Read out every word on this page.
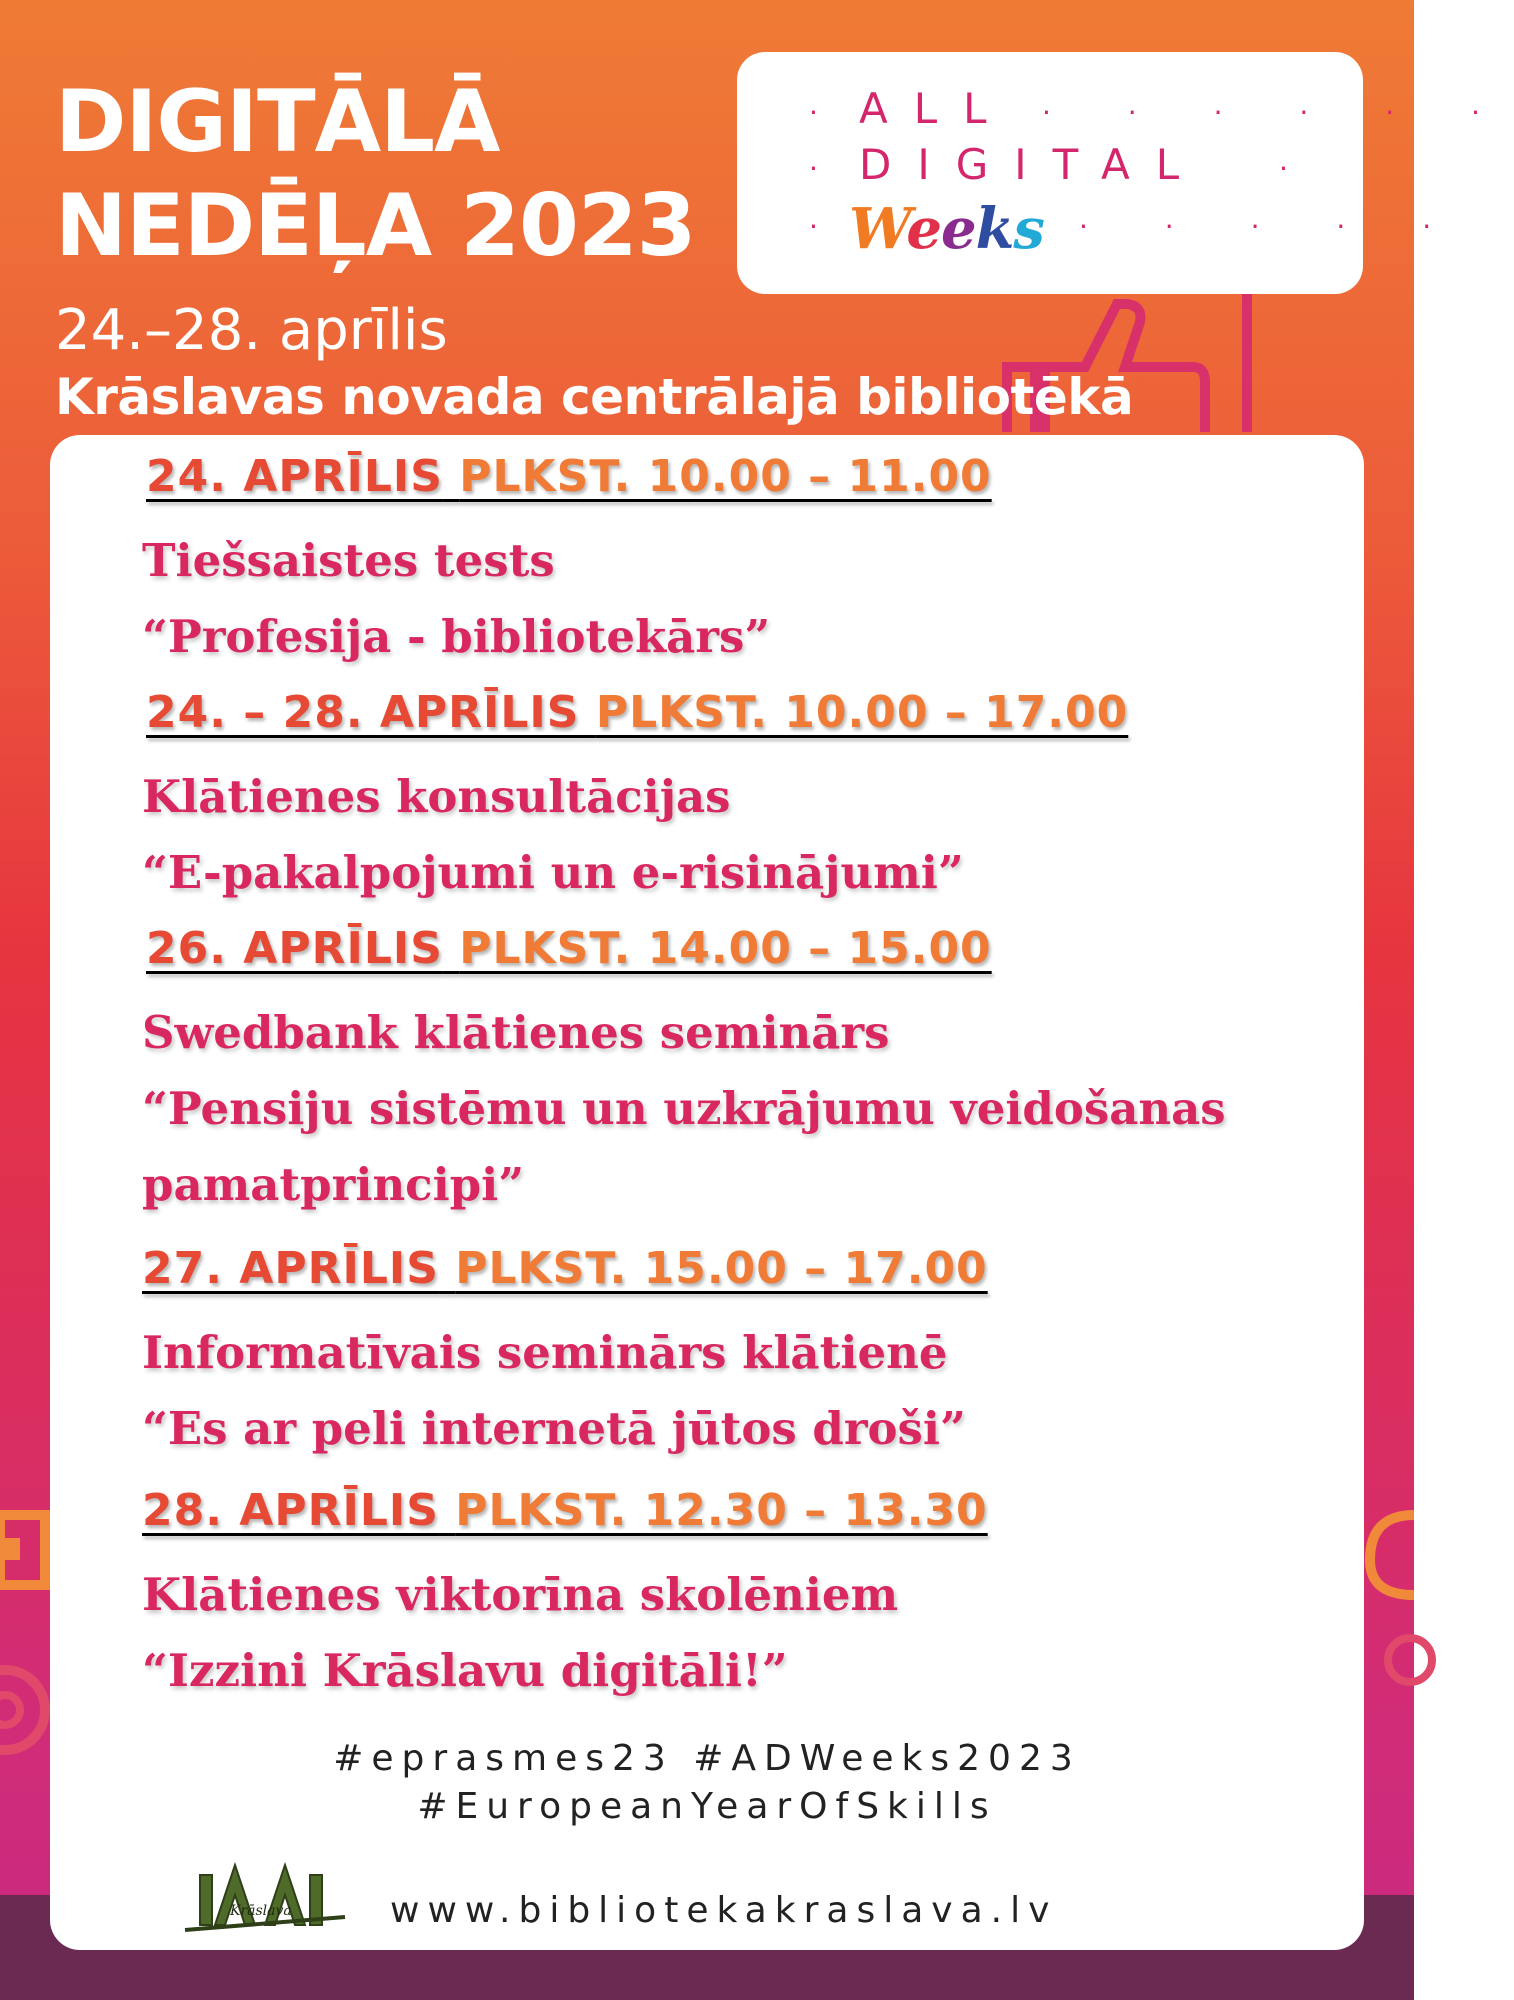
DIGITĀLĀ
NEDĒĻA 2023
24.–28. aprīlis
Krāslavas novada centrālajā bibliotēkā
· ALL · · · · · ·
· DIGITAL	·
·
Weeks · · · · ·

24. APRĪLIS PLKST. 10.00 – 11.00

Tiešsaistes tests

“Profesija - bibliotekārs”

24. – 28. APRĪLIS PLKST. 10.00 – 17.00

Klātienes konsultācijas

“E-pakalpojumi un e-risinājumi”

26. APRĪLIS PLKST. 14.00 – 15.00

Swedbank klātienes seminārs

“Pensiju sistēmu un uzkrājumu veidošanas pamatprincipi”

27. APRĪLIS PLKST. 15.00 – 17.00

Informatīvais seminārs klātienē

“Es ar peli internetā jūtos droši”

28. APRĪLIS PLKST. 12.30 – 13.30

Klātienes viktorīna skolēniem

“Izzini Krāslavu digitāli!”

#eprasmes23 #ADWeeks2023
#EuropeanYearOfSkills
Krāslava	www.bibliotekakraslava.lv
